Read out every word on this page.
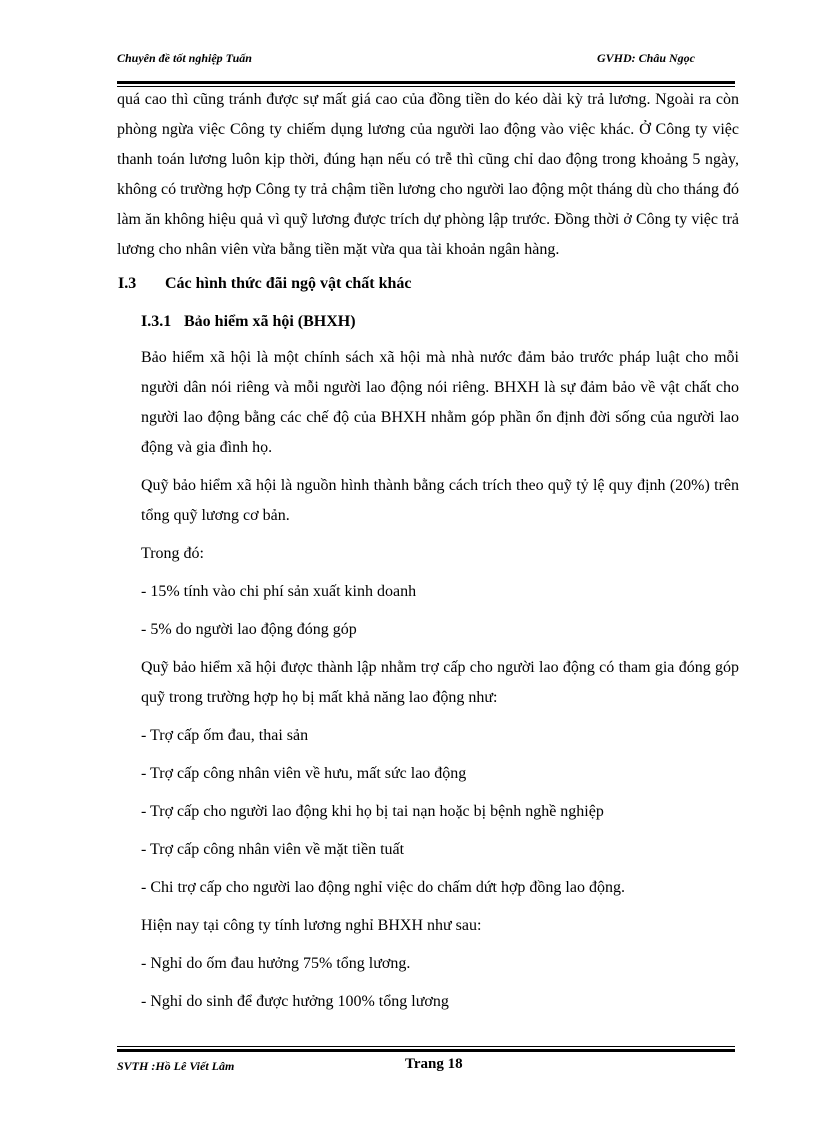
Chuyên đề tốt nghiệp Tuấn	GVHD: Châu Ngọc

quá cao thì cũng tránh được sự mất giá cao của đồng tiền do kéo dài kỳ trả lương. Ngoài ra còn phòng ngừa việc Công ty chiếm dụng lương của người lao động vào việc khác. Ở Công ty việc thanh toán lương luôn kịp thời, đúng hạn nếu có trễ thì cũng chỉ dao động trong khoảng 5 ngày, không có trường hợp Công ty trả chậm tiền lương cho người lao động một tháng dù cho tháng đó làm ăn không hiệu quả vì quỹ lương được trích dự phòng lập trước. Đồng thời ở Công ty việc trả lương cho nhân viên vừa bằng tiền mặt vừa qua tài khoản ngân hàng.

I.3 Các hình thức đãi ngộ vật chất khác
I.3.1 Bảo hiểm xã hội (BHXH)

Bảo hiểm xã hội là một chính sách xã hội mà nhà nước đảm bảo trước pháp luật cho mỗi người dân nói riêng và mỗi người lao động nói riêng. BHXH là sự đảm bảo về vật chất cho người lao động bằng các chế độ của BHXH nhằm góp phần ổn định đời sống của người lao động và gia đình họ.

Quỹ bảo hiểm xã hội là nguồn hình thành bằng cách trích theo quỹ tỷ lệ quy định (20%) trên tổng quỹ lương cơ bản.

Trong đó:
- 15% tính vào chi phí sản xuất kinh doanh
- 5% do người lao động đóng góp

Quỹ bảo hiểm xã hội được thành lập nhằm trợ cấp cho người lao động có tham gia đóng góp quỹ trong trường hợp họ bị mất khả năng lao động như:

- Trợ cấp ốm đau, thai sản
- Trợ cấp công nhân viên về hưu, mất sức lao động
- Trợ cấp cho người lao động khi họ bị tai nạn hoặc bị bệnh nghề nghiệp
- Trợ cấp công nhân viên về mặt tiền tuất
- Chi trợ cấp cho người lao động nghỉ việc do chấm dứt hợp đồng lao động.
Hiện nay tại công ty tính lương nghỉ BHXH như sau:
- Nghỉ do ốm đau hưởng 75% tổng lương.
- Nghỉ do sinh để được hưởng 100% tổng lương
SVTH :Hồ Lê Viết Lâm	Trang 18
